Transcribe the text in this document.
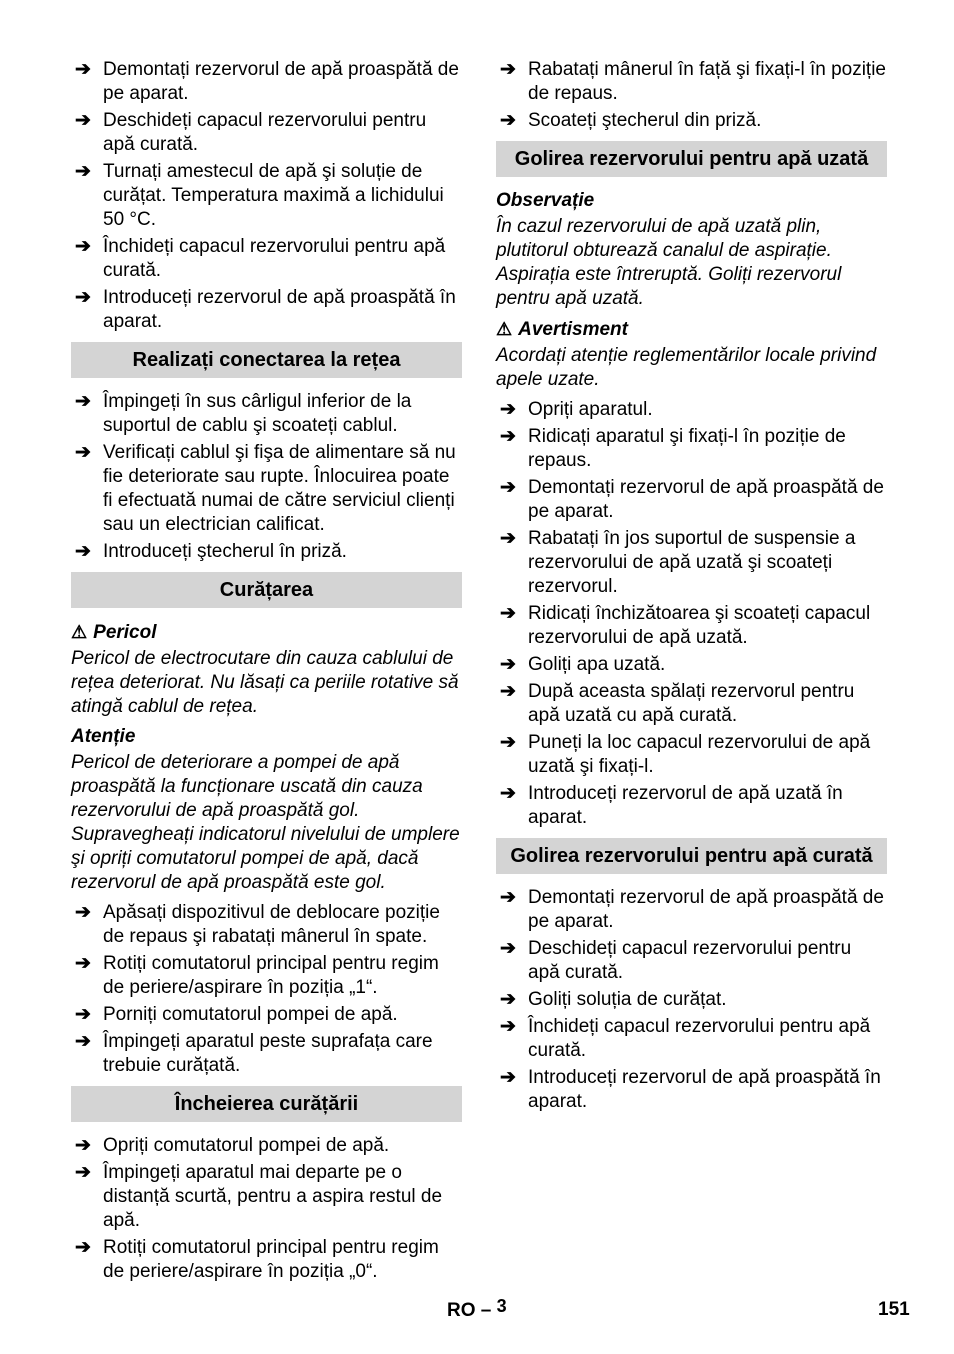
➔ Demontați rezervorul de apă proaspătă de pe aparat.
➔ Deschideți capacul rezervorului pentru apă curată.
➔ Turnați amestecul de apă şi soluție de curățat. Temperatura maximă a lichidului 50 °C.
➔ Închideți capacul rezervorului pentru apă curată.
➔ Introduceți rezervorul de apă proaspătă în aparat.
Realizați conectarea la rețea
➔ Împingeți în sus cârligul inferior de la suportul de cablu şi scoateți cablul.
➔ Verificați cablul şi fişa de alimentare să nu fie deteriorate sau rupte. Înlocuirea poate fi efectuată numai de către serviciul clienți sau un electrician calificat.
➔ Introduceți ştecherul în priză.
Curățarea
⚠ Pericol
Pericol de electrocutare din cauza cablului de rețea deteriorat. Nu lăsați ca periile rotative să atingă cablul de rețea.
Atenție
Pericol de deteriorare a pompei de apă proaspătă la funcționare uscată din cauza rezervorului de apă proaspătă gol. Supravegheați indicatorul nivelului de umplere şi opriți comutatorul pompei de apă, dacă rezervorul de apă proaspătă este gol.
➔ Apăsați dispozitivul de deblocare poziție de repaus şi rabatați mânerul în spate.
➔ Rotiți comutatorul principal pentru regim de periere/aspirare în poziția „1“.
➔ Porniți comutatorul pompei de apă.
➔ Împingeți aparatul peste suprafața care trebuie curățată.
Încheierea curățării
➔ Opriți comutatorul pompei de apă.
➔ Împingeți aparatul mai departe pe o distanță scurtă, pentru a aspira restul de apă.
➔ Rotiți comutatorul principal pentru regim de periere/aspirare în poziția „0“.
➔ Rabatați mânerul în față şi fixați-l în poziție de repaus.
➔ Scoateți ştecherul din priză.
Golirea rezervorului pentru apă uzată
Observație
În cazul rezervorului de apă uzată plin, plutitorul obturează canalul de aspirație. Aspirația este întreruptă. Goliți rezervorul pentru apă uzată.
⚠ Avertisment
Acordați atenție reglementărilor locale privind apele uzate.
➔ Opriți aparatul.
➔ Ridicați aparatul şi fixați-l în poziție de repaus.
➔ Demontați rezervorul de apă proaspătă de pe aparat.
➔ Rabatați în jos suportul de suspensie a rezervorului de apă uzată şi scoateți rezervorul.
➔ Ridicați închizătoarea şi scoateți capacul rezervorului de apă uzată.
➔ Goliți apa uzată.
➔ După aceasta spălați rezervorul pentru apă uzată cu apă curată.
➔ Puneți la loc capacul rezervorului de apă uzată şi fixați-l.
➔ Introduceți rezervorul de apă uzată în aparat.
Golirea rezervorului pentru apă curată
➔ Demontați rezervorul de apă proaspătă de pe aparat.
➔ Deschideți capacul rezervorului pentru apă curată.
➔ Goliți soluția de curățat.
➔ Închideți capacul rezervorului pentru apă curată.
➔ Introduceți rezervorul de apă proaspătă în aparat.
RO – 3	151
